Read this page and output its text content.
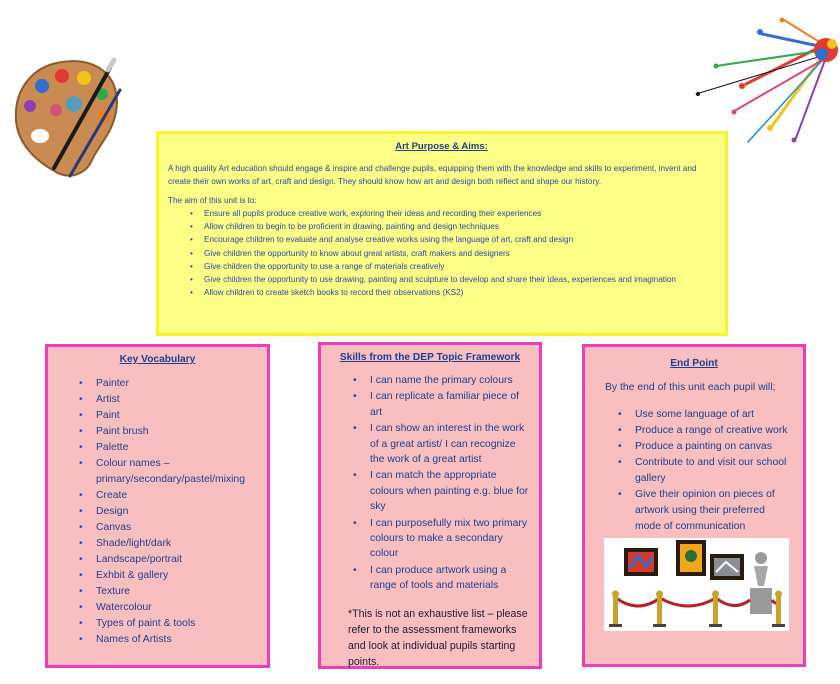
Art Purpose & Aims:

A high quality Art education should engage & inspire and challenge pupils, equipping them with the knowledge and skills to experiment, invent and create their own works of art, craft and design. They should know how art and design both reflect and shape our history.

The aim of this unit is to:

• Ensure all pupils produce creative work, exploring their ideas and recording their experiences
• Allow children to begin to be proficient in drawing, painting and design techniques
• Encourage children to evaluate and analyse creative works using the language of art, craft and design
• Give children the opportunity to know about great artists, craft makers and designers
• Give children the opportunity to use a range of materials creatively
• Give children the opportunity to use drawing, painting and sculpture to develop and share their ideas, experiences and imagination
• Allow children to create sketch books to record their observations (KS2)
Key Vocabulary
• Painter
• Artist
• Paint
• Paint brush
• Palette
• Colour names – primary/secondary/pastel/mixing
• Create
• Design
• Canvas
• Shade/light/dark
• Landscape/portrait
• Exhbit & gallery
• Texture
• Watercolour
• Types of paint & tools
• Names of Artists
Skills from the DEP Topic Framework
• I can name the primary colours
• I can replicate a familiar piece of art
• I can show an interest in the work of a great artist/ I can recognize the work of a great artist
• I can match the appropriate colours when painting e.g. blue for sky
• I can purposefully mix two primary colours to make a secondary colour
• I can produce artwork using a range of tools and materials

*This is not an exhaustive list – please refer to the assessment frameworks and look at individual pupils starting points.

End Point

By the end of this unit each pupil will;

• Use some language of art
• Produce a range of creative work
• Produce a painting on canvas
• Contribute to and visit our school gallery
• Give their opinion on pieces of artwork using their preferred mode of communication
